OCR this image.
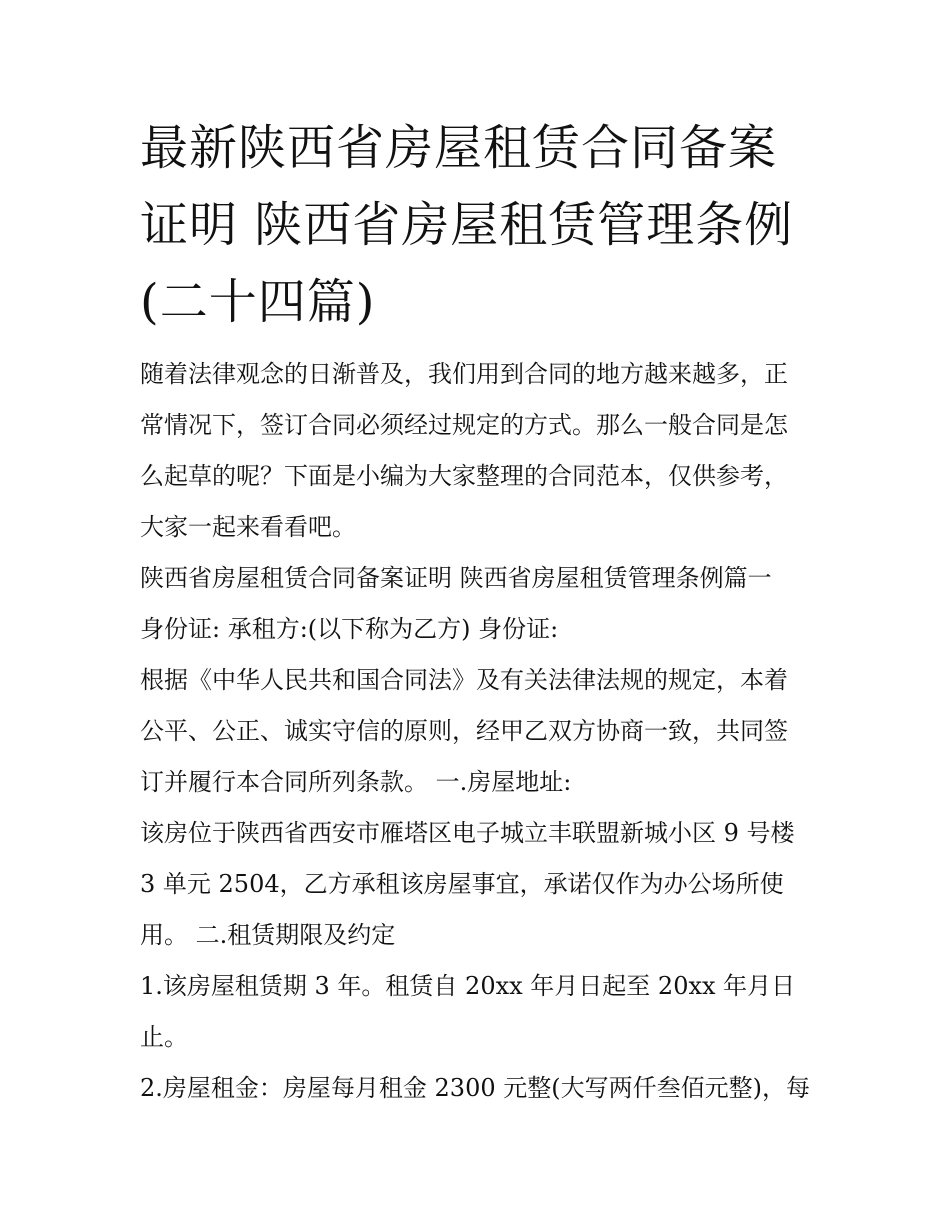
最新陕西省房屋租赁合同备案
证明 陕西省房屋租赁管理条例
(二十四篇)
随着法律观念的日渐普及，我们用到合同的地方越来越多，正
常情况下，签订合同必须经过规定的方式。那么一般合同是怎
么起草的呢？下面是小编为大家整理的合同范本，仅供参考，
大家一起来看看吧。
陕西省房屋租赁合同备案证明 陕西省房屋租赁管理条例篇一
身份证: 承租方:(以下称为乙方) 身份证:
根据《中华人民共和国合同法》及有关法律法规的规定，本着
公平、公正、诚实守信的原则，经甲乙双方协商一致，共同签
订并履行本合同所列条款。 一.房屋地址:
该房位于陕西省西安市雁塔区电子城立丰联盟新城小区 9 号楼
3 单元 2504，乙方承租该房屋事宜，承诺仅作为办公场所使
用。 二.租赁期限及约定
1.该房屋租赁期 3 年。租赁自 20xx 年月日起至 20xx 年月日
止。
2.房屋租金：房屋每月租金 2300 元整(大写两仟叁佰元整)，每
